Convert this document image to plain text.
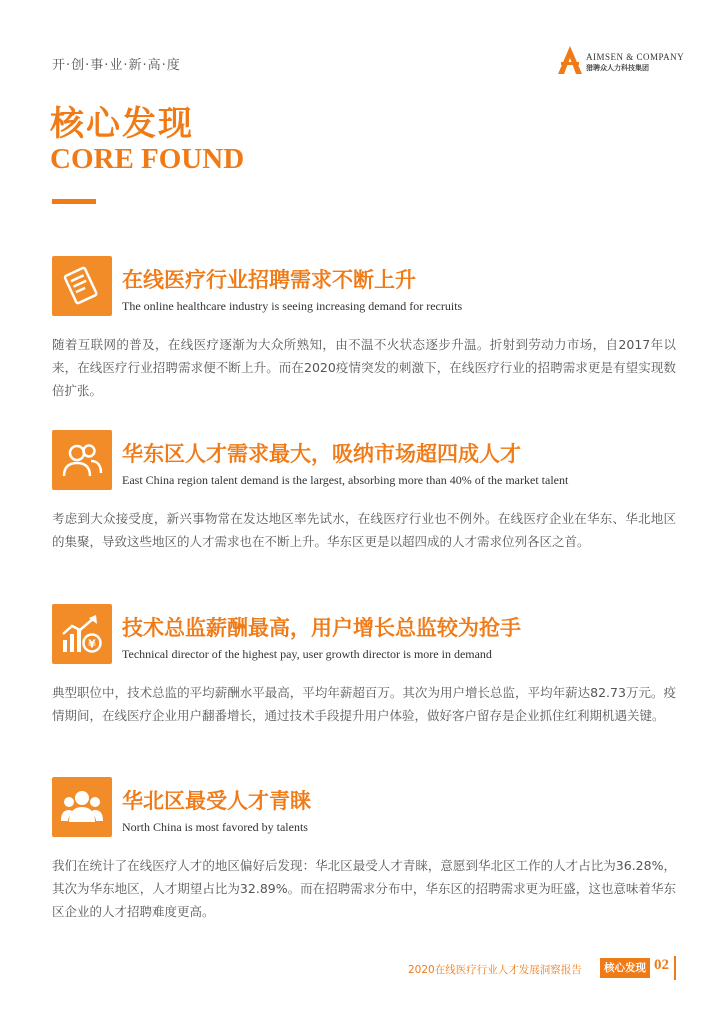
开·创·事·业·新·高·度
AIMSEN & COMPANY
猎聘众人力科技集团
核心发现
CORE FOUND
在线医疗行业招聘需求不断上升
The online healthcare industry is seeing increasing demand for recruits
随着互联网的普及，在线医疗逐渐为大众所熟知，由不温不火状态逐步升温。折射到劳动力市场，自2017年以来，在线医疗行业招聘需求便不断上升。而在2020疫情突发的刺激下，在线医疗行业的招聘需求更是有望实现数倍扩张。
华东区人才需求最大，吸纳市场超四成人才
East China region talent demand is the largest, absorbing more than 40% of the market talent
考虑到大众接受度，新兴事物常在发达地区率先试水，在线医疗行业也不例外。在线医疗企业在华东、华北地区的集聚，导致这些地区的人才需求也在不断上升。华东区更是以超四成的人才需求位列各区之首。
¥
技术总监薪酬最高，用户增长总监较为抢手
Technical director of the highest pay, user growth director is more in demand
典型职位中，技术总监的平均薪酬水平最高，平均年薪超百万。其次为用户增长总监，平均年薪达82.73万元。疫情期间，在线医疗企业用户翻番增长，通过技术手段提升用户体验，做好客户留存是企业抓住红利期机遇关键。
华北区最受人才青睐
North China is most favored by talents
我们在统计了在线医疗人才的地区偏好后发现：华北区最受人才青睐，意愿到华北区工作的人才占比为36.28%，其次为华东地区，人才期望占比为32.89%。而在招聘需求分布中，华东区的招聘需求更为旺盛，这也意味着华东区企业的人才招聘难度更高。
2020在线医疗行业人才发展洞察报告	核心发现 02
